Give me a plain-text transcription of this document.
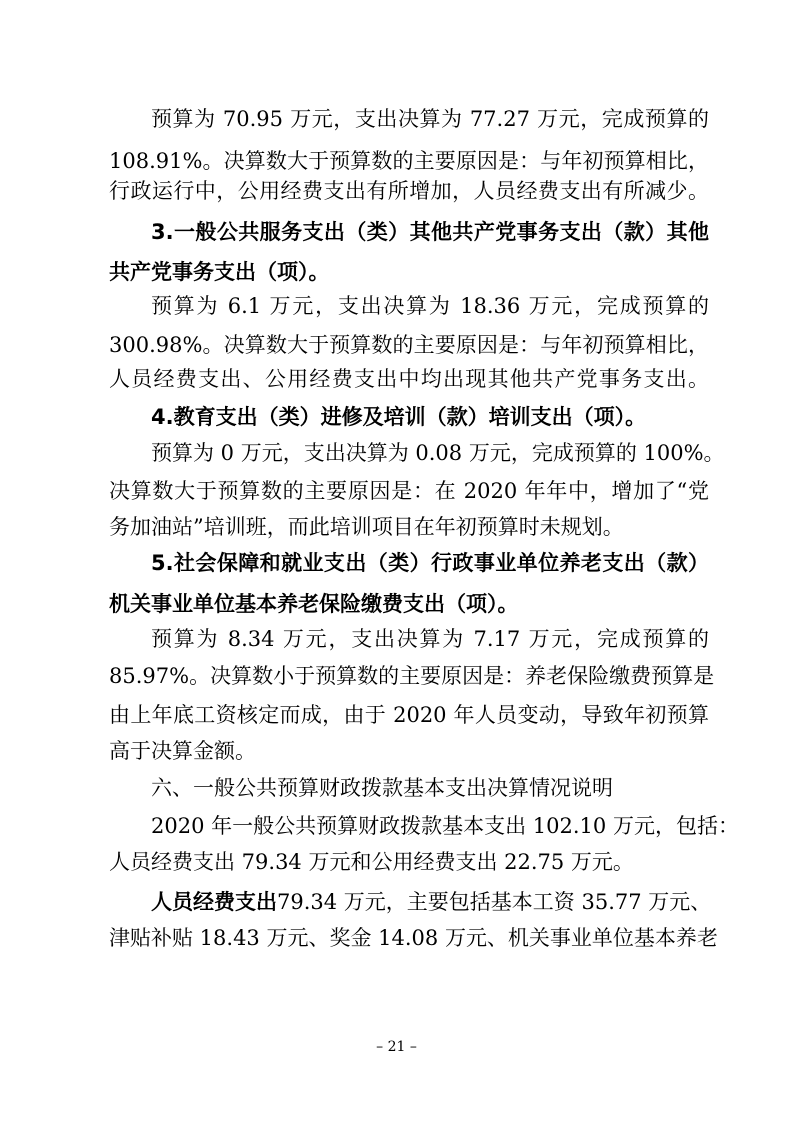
预算为 70.95 万元，支出决算为 77.27 万元，完成预算的
108.91%。决算数大于预算数的主要原因是：与年初预算相比，
行政运行中，公用经费支出有所增加，人员经费支出有所减少。
3.一般公共服务支出（类）其他共产党事务支出（款）其他
共产党事务支出（项）。
预算为 6.1 万元，支出决算为 18.36 万元，完成预算的
300.98%。决算数大于预算数的主要原因是：与年初预算相比，
人员经费支出、公用经费支出中均出现其他共产党事务支出。
4.教育支出（类）进修及培训（款）培训支出（项）。
预算为 0 万元，支出决算为 0.08 万元，完成预算的 100%。
决算数大于预算数的主要原因是：在 2020 年年中，增加了“党
务加油站”培训班，而此培训项目在年初预算时未规划。
5.社会保障和就业支出（类）行政事业单位养老支出（款）
机关事业单位基本养老保险缴费支出（项）。
预算为 8.34 万元，支出决算为 7.17 万元，完成预算的
85.97%。决算数小于预算数的主要原因是：养老保险缴费预算是
由上年底工资核定而成，由于 2020 年人员变动，导致年初预算
高于决算金额。
六、一般公共预算财政拨款基本支出决算情况说明
2020 年一般公共预算财政拨款基本支出 102.10 万元，包括：
人员经费支出 79.34 万元和公用经费支出 22.75 万元。
人员经费支出79.34 万元，主要包括基本工资 35.77 万元、
津贴补贴 18.43 万元、奖金 14.08 万元、机关事业单位基本养老
– 21 –
